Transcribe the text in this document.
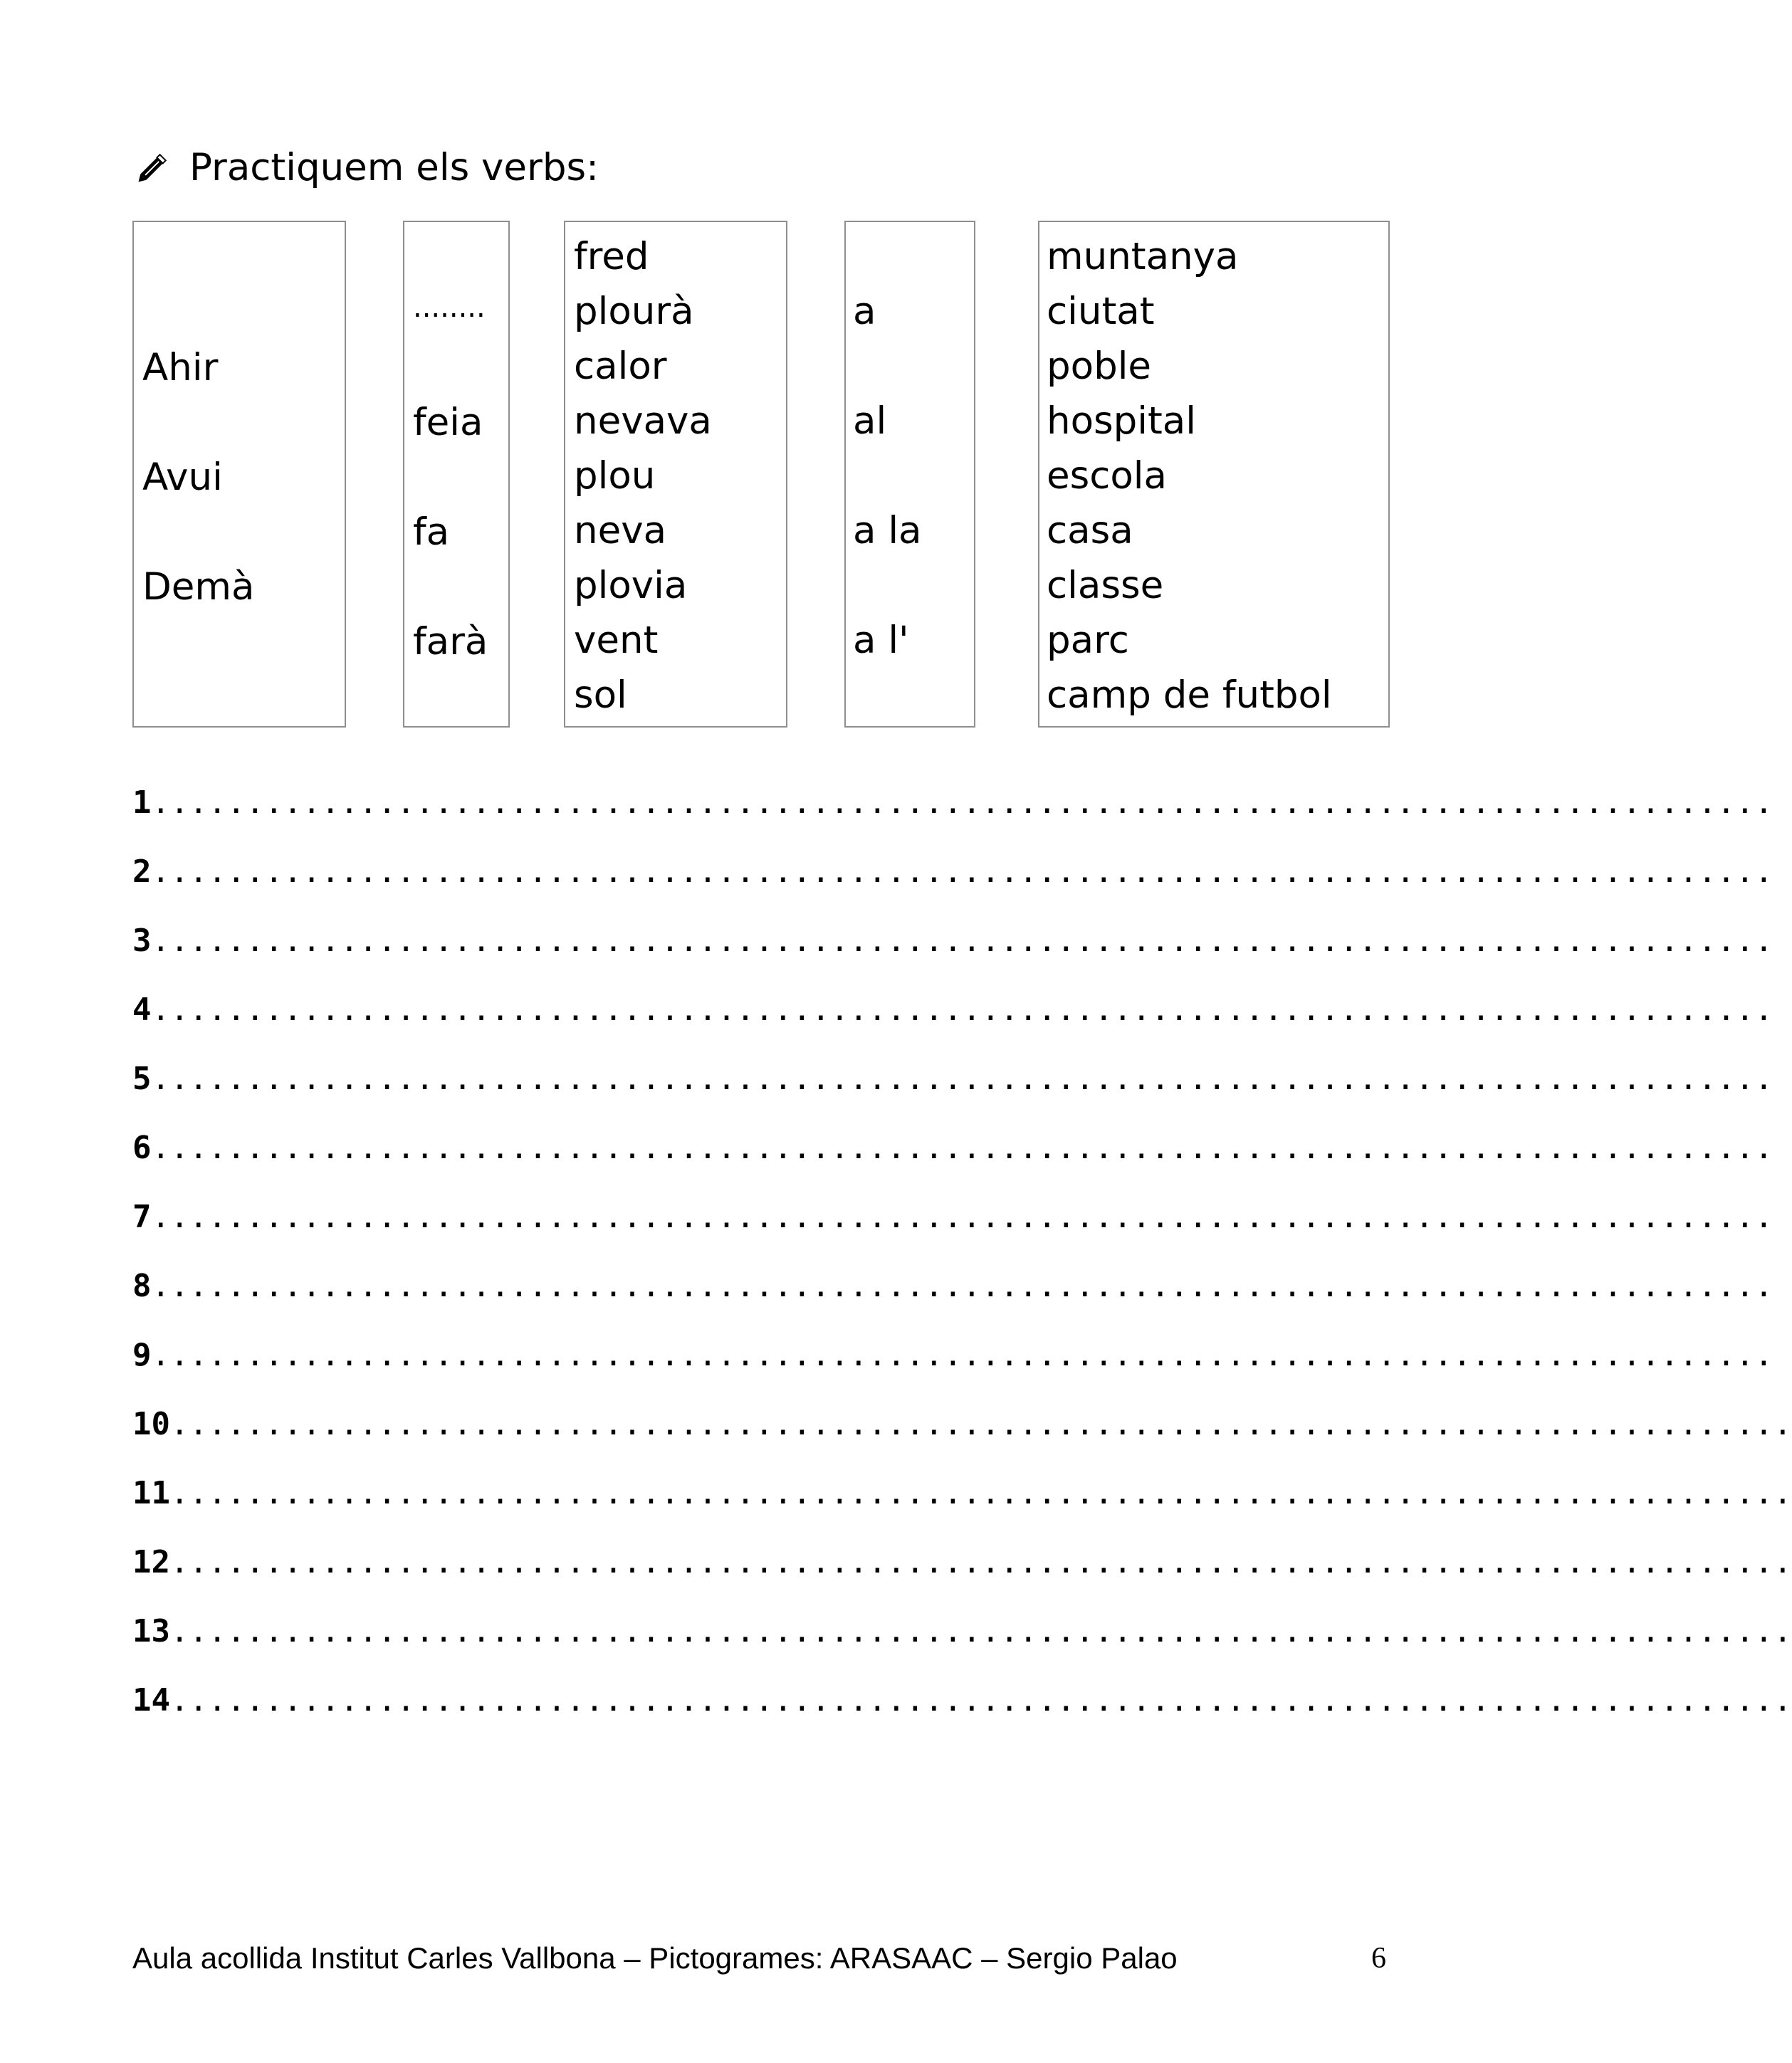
Practiquem els verbs:
Ahir
Avui
Demà
........
feia
fa
farà
fred
plourà
calor
nevava
plou
neva
plovia
vent
sol
a
al
a la
a l'
muntanya
ciutat
poble
hospital
escola
casa
classe
parc
camp de futbol
1 ......................................................................................
2 ......................................................................................
3 ......................................................................................
4 ......................................................................................
5 ......................................................................................
6 ......................................................................................
7 ......................................................................................
8 ......................................................................................
9 ......................................................................................
10 ......................................................................................
11 ......................................................................................
12 ......................................................................................
13 ......................................................................................
14 ......................................................................................
Aula acollida Institut Carles Vallbona – Pictogrames: ARASAAC – Sergio Palao	6
